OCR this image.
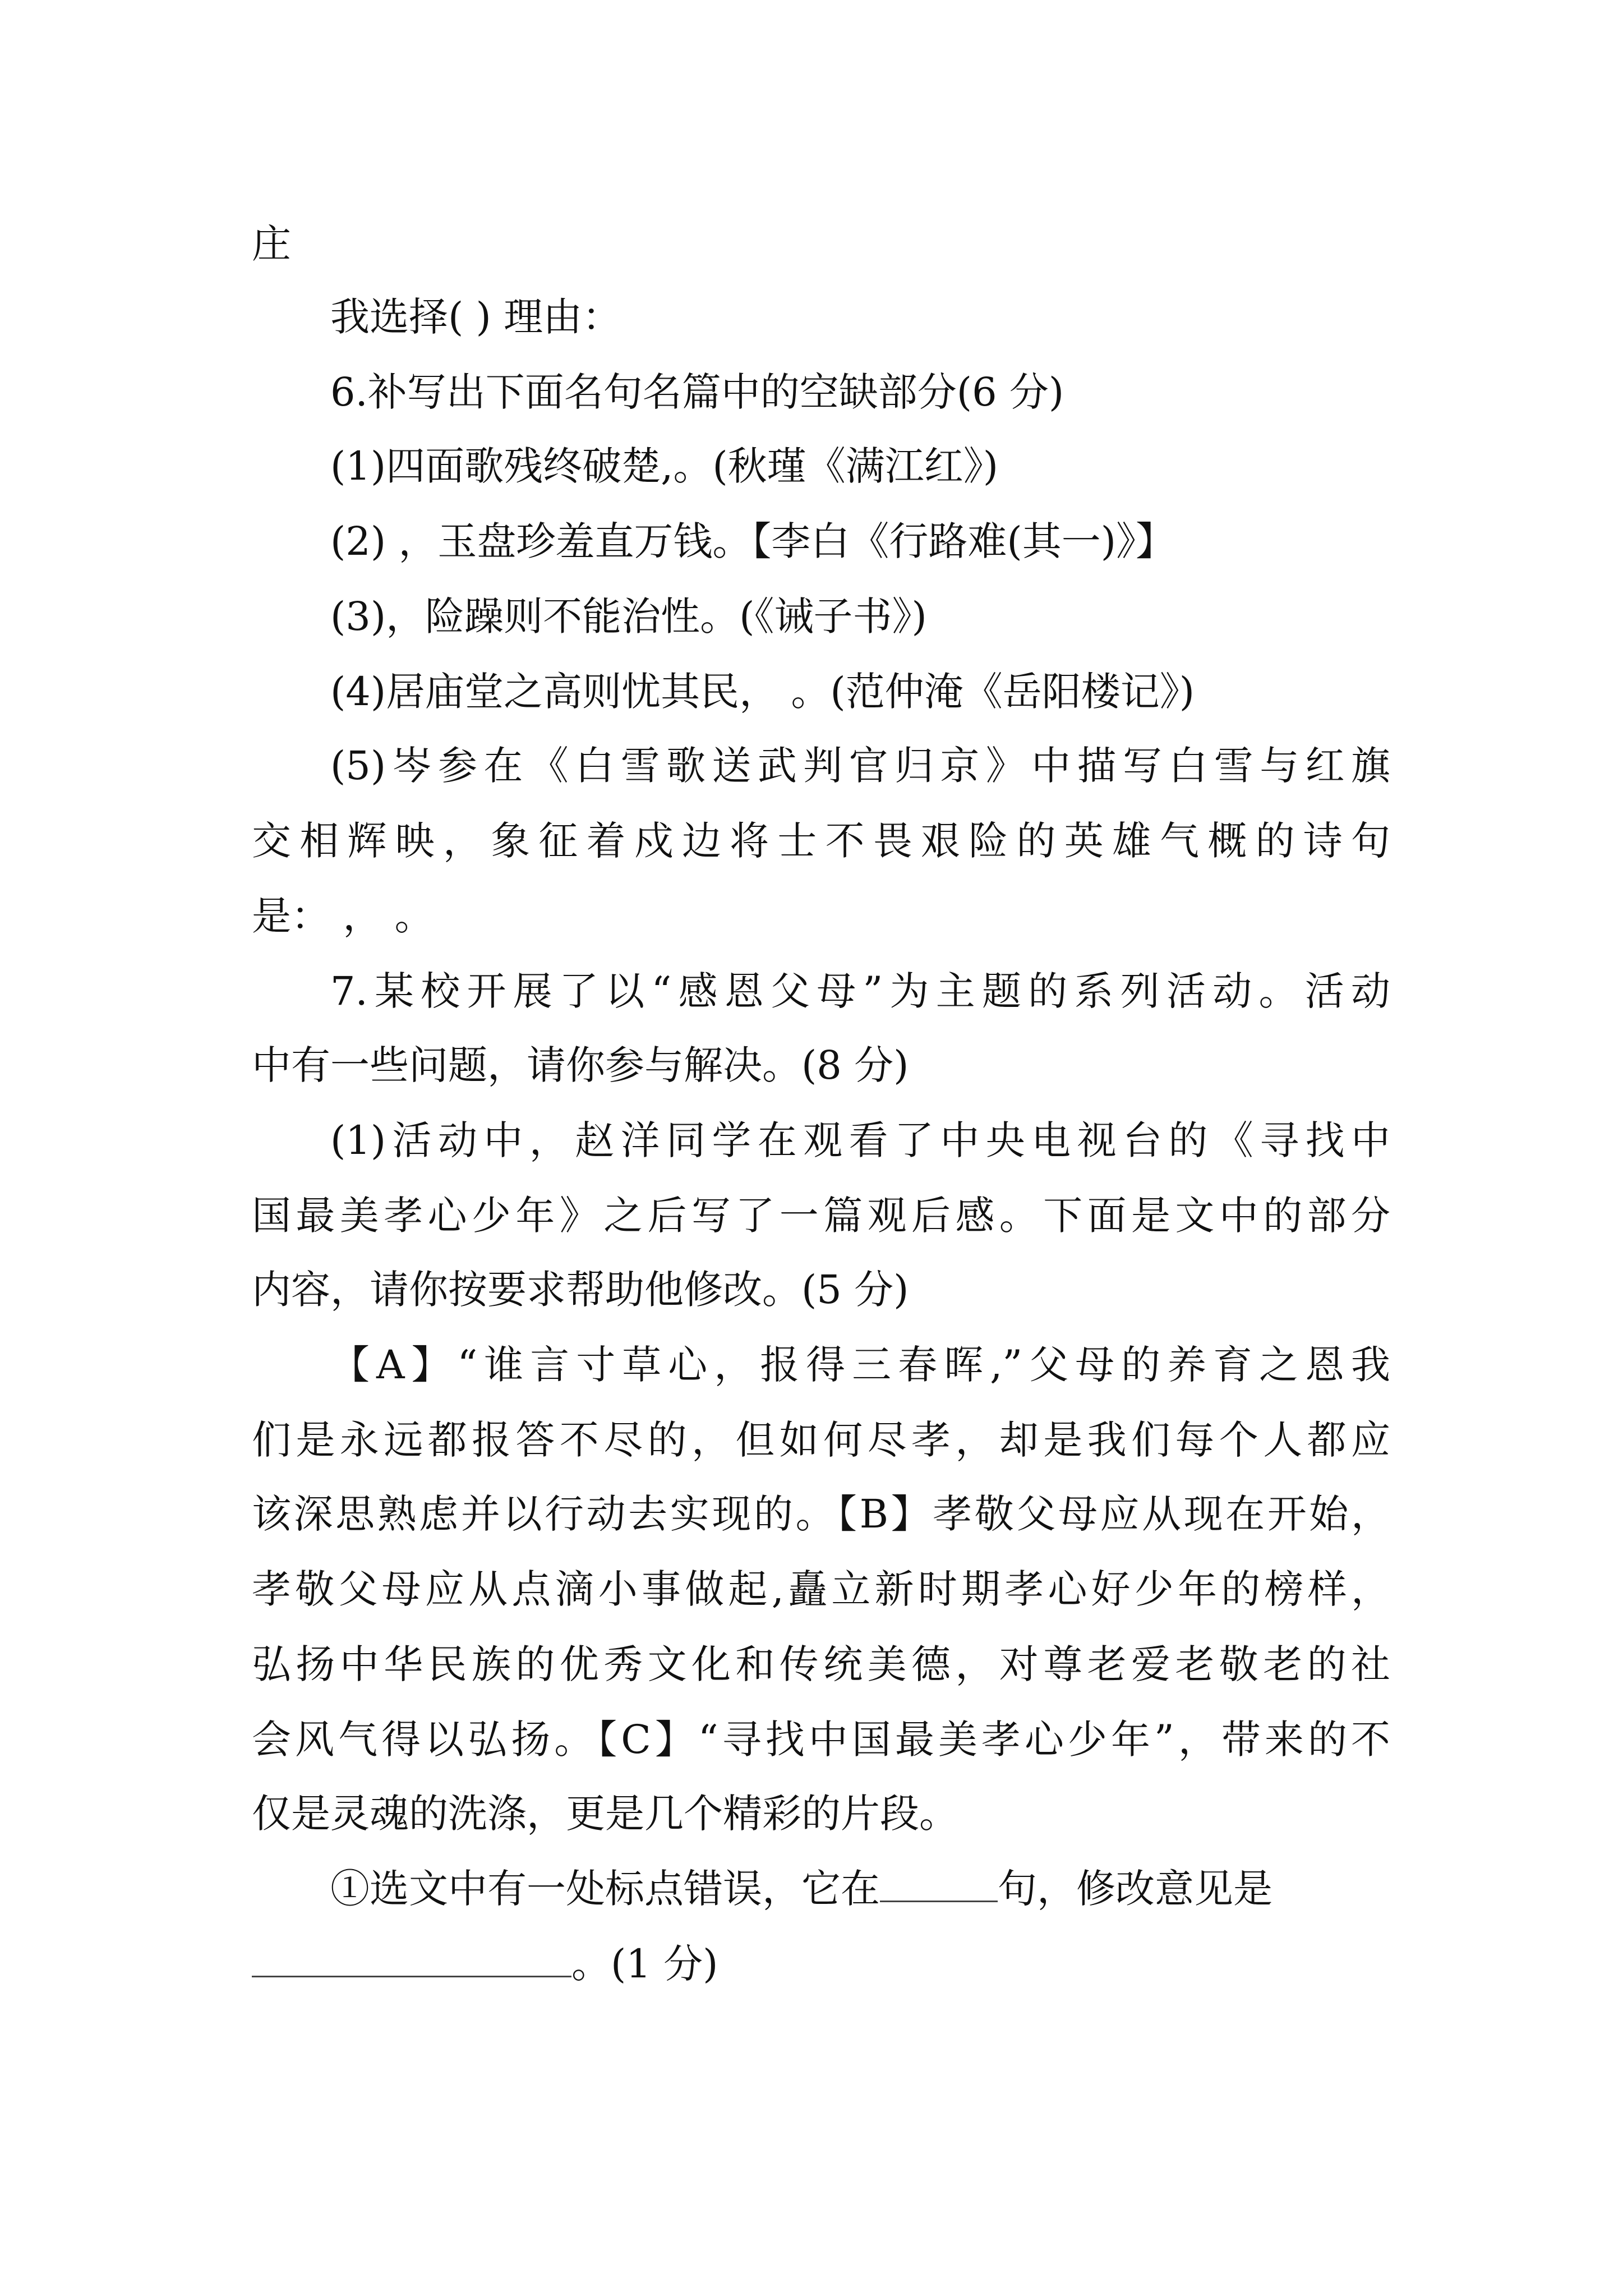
庄
我选择( ) 理由：
6.补写出下面名句名篇中的空缺部分(6 分)
(1)四面歌残终破楚,。(秋瑾《满江红》)
(2) ，玉盘珍羞直万钱。【李白《行路难(其一)》】
(3)，险躁则不能治性。(《诫子书》)
(4)居庙堂之高则忧其民， 。(范仲淹《岳阳楼记》)
(5)岑参在《白雪歌送武判官归京》中描写白雪与红旗
交相辉映，象征着戍边将士不畏艰险的英雄气概的诗句
是： ， 。
7.某校开展了以“感恩父母”为主题的系列活动。活动
中有一些问题，请你参与解决。(8 分)
(1)活动中，赵洋同学在观看了中央电视台的《寻找中
国最美孝心少年》之后写了一篇观后感。下面是文中的部分
内容，请你按要求帮助他修改。(5 分)
【A】“谁言寸草心，报得三春晖,”父母的养育之恩我
们是永远都报答不尽的，但如何尽孝，却是我们每个人都应
该深思熟虑并以行动去实现的。【B】孝敬父母应从现在开始，
孝敬父母应从点滴小事做起,矗立新时期孝心好少年的榜样，
弘扬中华民族的优秀文化和传统美德，对尊老爱老敬老的社
会风气得以弘扬。【C】“寻找中国最美孝心少年”，带来的不
仅是灵魂的洗涤，更是几个精彩的片段。
①选文中有一处标点错误，它在	句，修改意见是
。(1 分)
